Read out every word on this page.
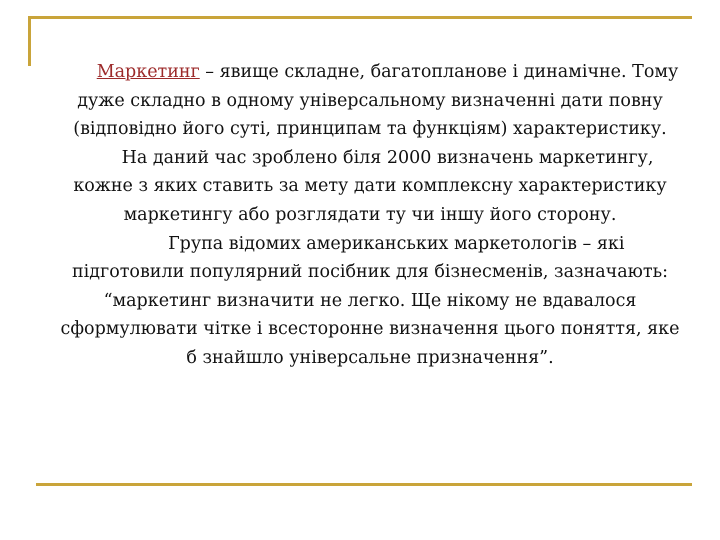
  Маркетинг – явище складне, багатопланове і динамічне. Тому дуже складно в одному універсальному визначенні дати повну (відповідно його суті, принципам та функціям) характеристику.

  На даний час зроблено біля 2000 визначень маркетингу, кожне з яких ставить за мету дати комплексну характеристику маркетингу або розглядати ту чи іншу його сторону.

   Група відомих американських маркетологів – які підготовили популярний посібник для бізнесменів, зазначають: “маркетинг визначити не легко. Ще нікому не вдавалося сформулювати чітке і всесторонне визначення цього поняття, яке б знайшло універсальне призначення”.
